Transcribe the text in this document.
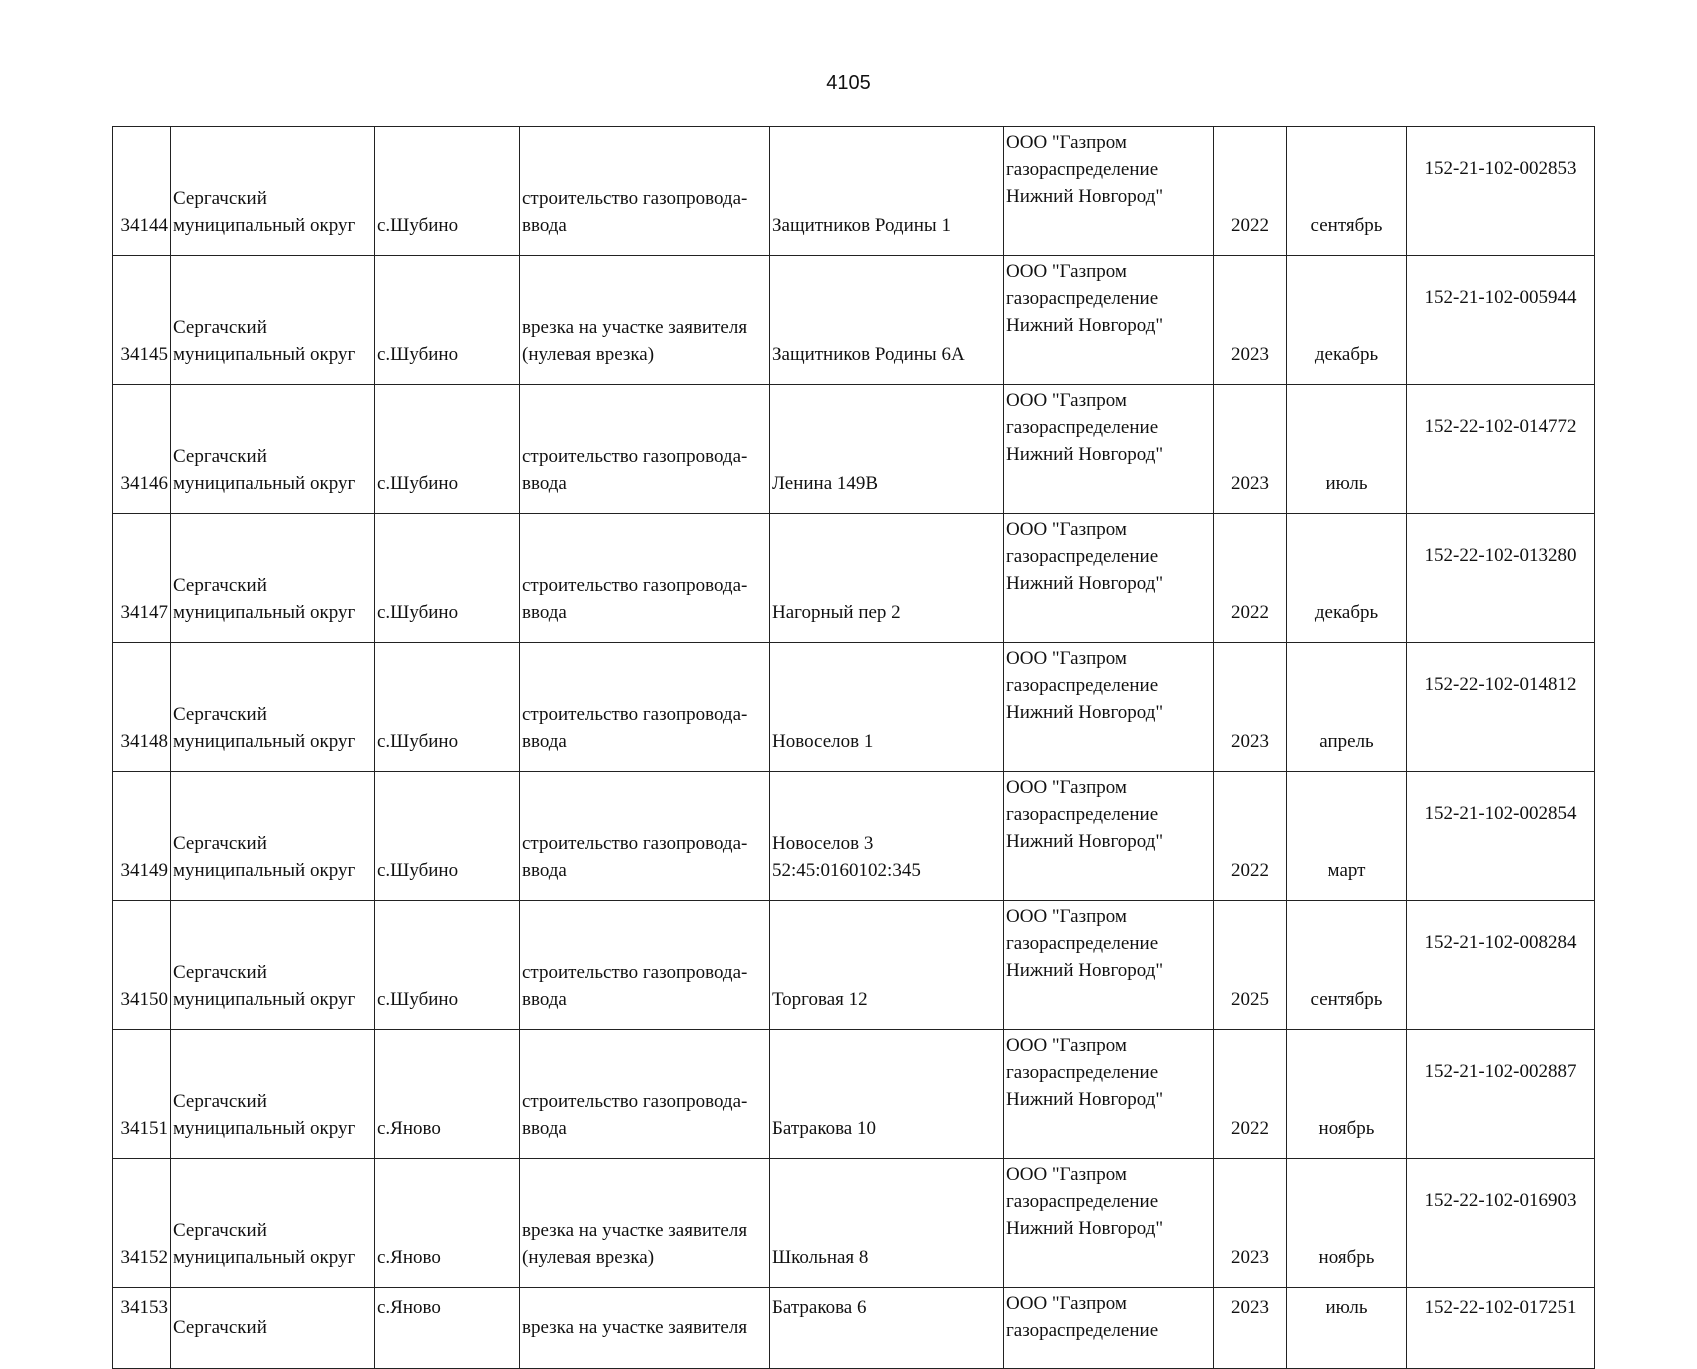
4105
34144	Сергачский
муниципальный округ	с.Шубино	строительство газопровода-
ввода	Защитников Родины 1	ООО "Газпром
газораспределение
Нижний Новгород"	2022	сентябрь	152-21-102-002853
34145	Сергачский
муниципальный округ	с.Шубино	врезка на участке заявителя
(нулевая врезка)	Защитников Родины 6А	ООО "Газпром
газораспределение
Нижний Новгород"	2023	декабрь	152-21-102-005944
34146	Сергачский
муниципальный округ	с.Шубино	строительство газопровода-
ввода	Ленина 149В	ООО "Газпром
газораспределение
Нижний Новгород"	2023	июль	152-22-102-014772
34147	Сергачский
муниципальный округ	с.Шубино	строительство газопровода-
ввода	Нагорный пер 2	ООО "Газпром
газораспределение
Нижний Новгород"	2022	декабрь	152-22-102-013280
34148	Сергачский
муниципальный округ	с.Шубино	строительство газопровода-
ввода	Новоселов 1	ООО "Газпром
газораспределение
Нижний Новгород"	2023	апрель	152-22-102-014812
34149	Сергачский
муниципальный округ	с.Шубино	строительство газопровода-
ввода	Новоселов 3
52:45:0160102:345	ООО "Газпром
газораспределение
Нижний Новгород"	2022	март	152-21-102-002854
34150	Сергачский
муниципальный округ	с.Шубино	строительство газопровода-
ввода	Торговая 12	ООО "Газпром
газораспределение
Нижний Новгород"	2025	сентябрь	152-21-102-008284
34151	Сергачский
муниципальный округ	с.Яново	строительство газопровода-
ввода	Батракова 10	ООО "Газпром
газораспределение
Нижний Новгород"	2022	ноябрь	152-21-102-002887
34152	Сергачский
муниципальный округ	с.Яново	врезка на участке заявителя
(нулевая врезка)	Школьная 8	ООО "Газпром
газораспределение
Нижний Новгород"	2023	ноябрь	152-22-102-016903
34153	Сергачский	с.Яново	врезка на участке заявителя	Батракова 6	ООО "Газпром
газораспределение	2023	июль	152-22-102-017251
